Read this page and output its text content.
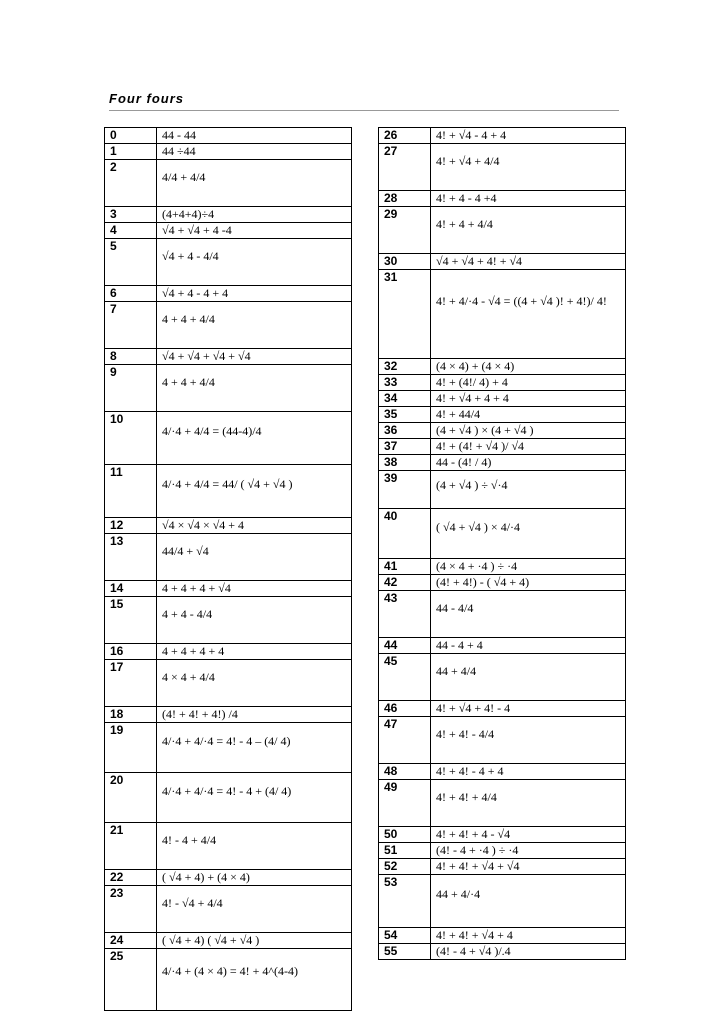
Four fours
0	44 - 44
1	44 ÷44
2	4/4 + 4/4
3	(4+4+4)÷4
4	√4 + √4 + 4 -4
5	√4 + 4 - 4/4
6	√4 + 4 - 4 + 4
7	4 + 4 + 4/4
8	√4 + √4 + √4 + √4
9	4 + 4 + 4/4
10	4/·4 + 4/4 = (44-4)/4
11	4/·4 + 4/4 = 44/ ( √4 + √4 )
12	√4 × √4 × √4 + 4
13	44/4 + √4
14	4 + 4 + 4 + √4
15	4 + 4 - 4/4
16	4 + 4 + 4 + 4
17	4 × 4 + 4/4
18	(4! + 4! + 4!) /4
19	4/·4 + 4/·4 = 4! - 4 – (4/ 4)
20	4/·4 + 4/·4 = 4! - 4 + (4/ 4)
21	4! - 4 + 4/4
22	( √4 + 4) + (4 × 4)
23	4! - √4 + 4/4
24	( √4 + 4) ( √4 + √4 )
25	4/·4 + (4 × 4) = 4! + 4^(4-4)
26	4! + √4 - 4 + 4
27	4! + √4 + 4/4
28	4! + 4 - 4 +4
29	4! + 4 + 4/4
30	√4 + √4 + 4! + √4
31	4! + 4/·4 - √4 = ((4 + √4 )! + 4!)/ 4!
32	(4 × 4) + (4 × 4)
33	4! + (4!/ 4) + 4
34	4! + √4 + 4 + 4
35	4! + 44/4
36	(4 + √4 ) × (4 + √4 )
37	4! + (4! + √4 )/ √4
38	44 - (4! / 4)
39	(4 + √4 ) ÷ √·4
40	( √4 + √4 ) × 4/·4
41	(4 × 4 + ·4 ) ÷ ·4
42	(4! + 4!) - ( √4 + 4)
43	44 - 4/4
44	44 - 4 + 4
45	44 + 4/4
46	4! + √4 + 4! - 4
47	4! + 4! - 4/4
48	4! + 4! - 4 + 4
49	4! + 4! + 4/4
50	4! + 4! + 4 - √4
51	(4! - 4 + ·4 ) ÷ ·4
52	4! + 4! + √4 + √4
53	44 + 4/·4
54	4! + 4! + √4 + 4
55	(4! - 4 + √4 )/.4
